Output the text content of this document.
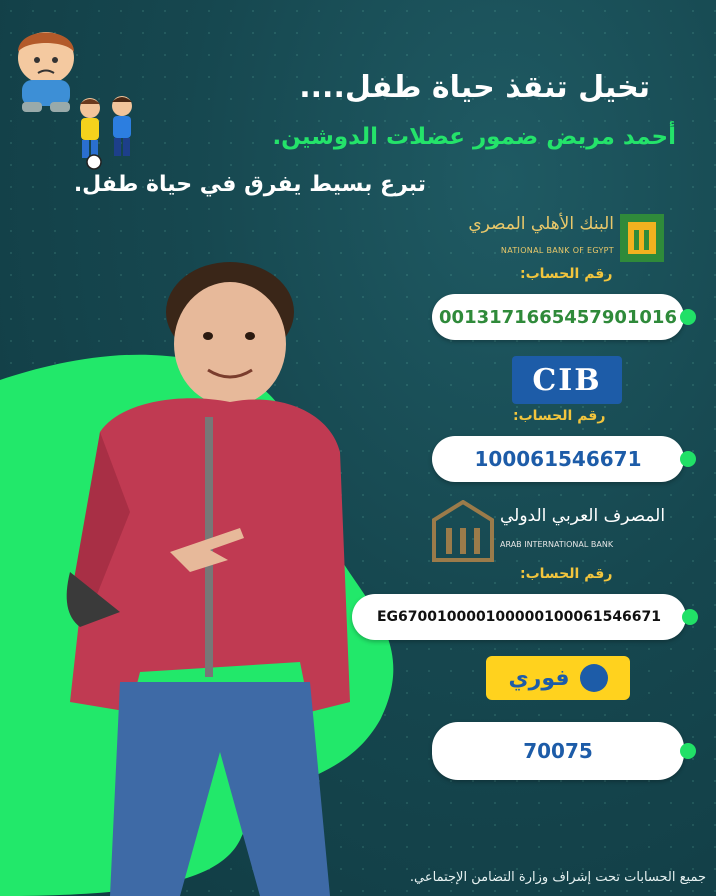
تخيل تنقذ حياة طفل....
أحمد مريض ضمور عضلات الدوشين.
تبرع بسيط يفرق في حياة طفل.
البنك الأهلي المصري
NATIONAL BANK OF EGYPT
رقم الحساب:
0013171665457901016
CIB
رقم الحساب:
100061546671
المصرف العربي الدولي
ARAB INTERNATIONAL BANK
رقم الحساب:
EG670010000100000100061546671
فوري
70075
جميع الحسابات تحت إشراف وزارة التضامن الإجتماعي.
